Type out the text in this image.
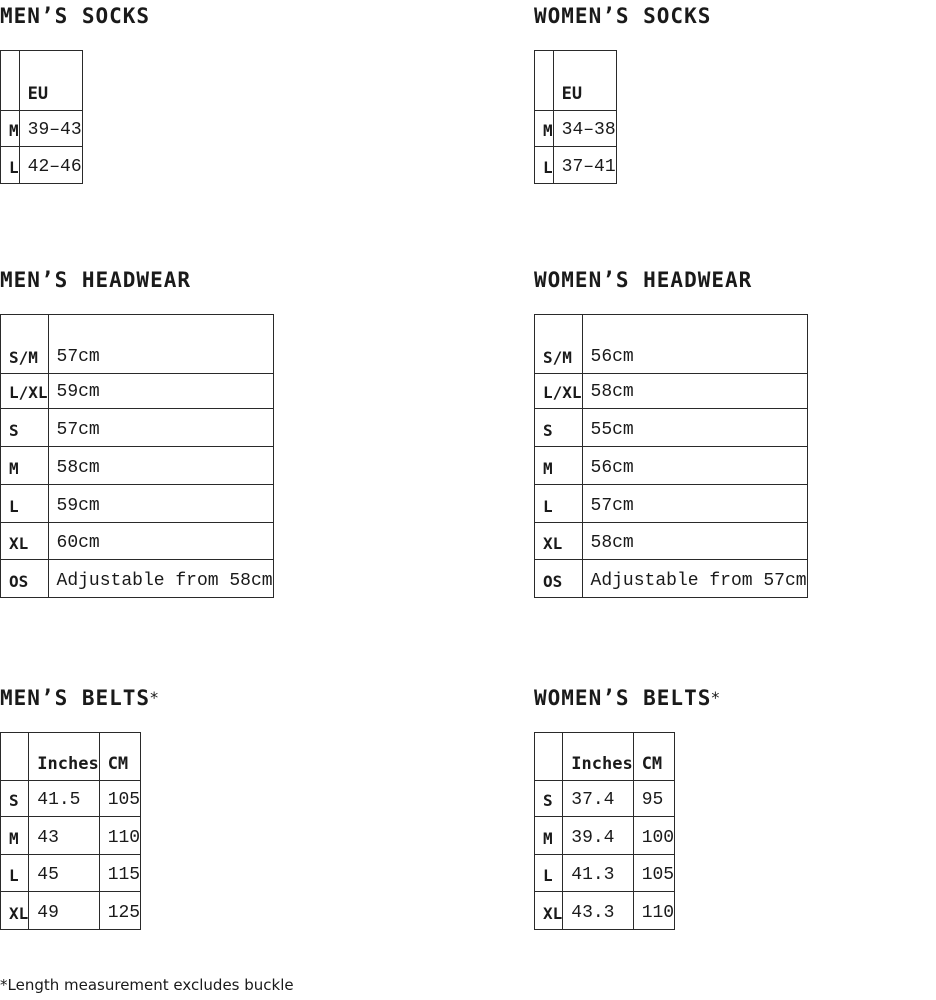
MEN’S SOCKS
	EU
M	39–43
L	42–46
WOMEN’S SOCKS
	EU
M	34–38
L	37–41
MEN’S HEADWEAR
S/M	57cm
L/XL	59cm
S	57cm
M	58cm
L	59cm
XL	60cm
OS	Adjustable from 58cm
WOMEN’S HEADWEAR
S/M	56cm
L/XL	58cm
S	55cm
M	56cm
L	57cm
XL	58cm
OS	Adjustable from 57cm
MEN’S BELTS*
	Inches	CM
S	41.5	105
M	43	110
L	45	115
XL	49	125
WOMEN’S BELTS*
	Inches	CM
S	37.4	95
M	39.4	100
L	41.3	105
XL	43.3	110
*Length measurement excludes buckle
